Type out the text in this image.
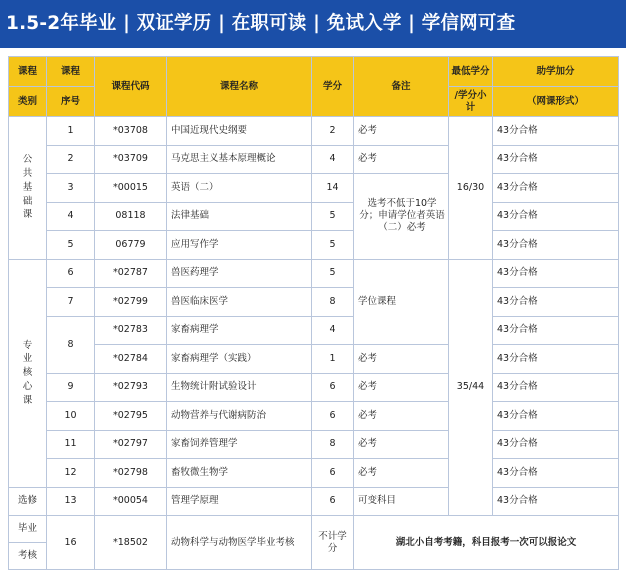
1.5-2年毕业 | 双证学历 | 在职可读 | 免试入学 | 学信网可查
课程	课程	课程代码	课程名称	学分	备注	最低学分	助学加分
类别	序号					/学分小计	（网课形式）
公共基础课	1	*03708	中国近现代史纲要	2	必考	16/30	43分合格
	2	*03709	马克思主义基本原理概论	4	必考		43分合格
	3	*00015	英语（二）	14	选考不低于10学分；申请学位者英语（二）必考		43分合格
	4	08118	法律基础	5			43分合格
	5	06779	应用写作学	5			43分合格
专业核心课	6	*02787	兽医药理学	5	学位课程	35/44	43分合格
	7	*02799	兽医临床医学	8			43分合格
	8	*02783	家畜病理学	4			43分合格
		*02784	家畜病理学（实践）	1	必考		43分合格
	9	*02793	生物统计附试验设计	6	必考		43分合格
	10	*02795	动物营养与代谢病防治	6	必考		43分合格
	11	*02797	家畜饲养管理学	8	必考		43分合格
	12	*02798	畜牧微生物学	6	必考		43分合格
选修	13	*00054	管理学原理	6	可变科目		43分合格
毕业	16	*18502	动物科学与动物医学毕业考核	不计学分	湖北小自考考籍，科目报考一次可以报论文		
考核							
